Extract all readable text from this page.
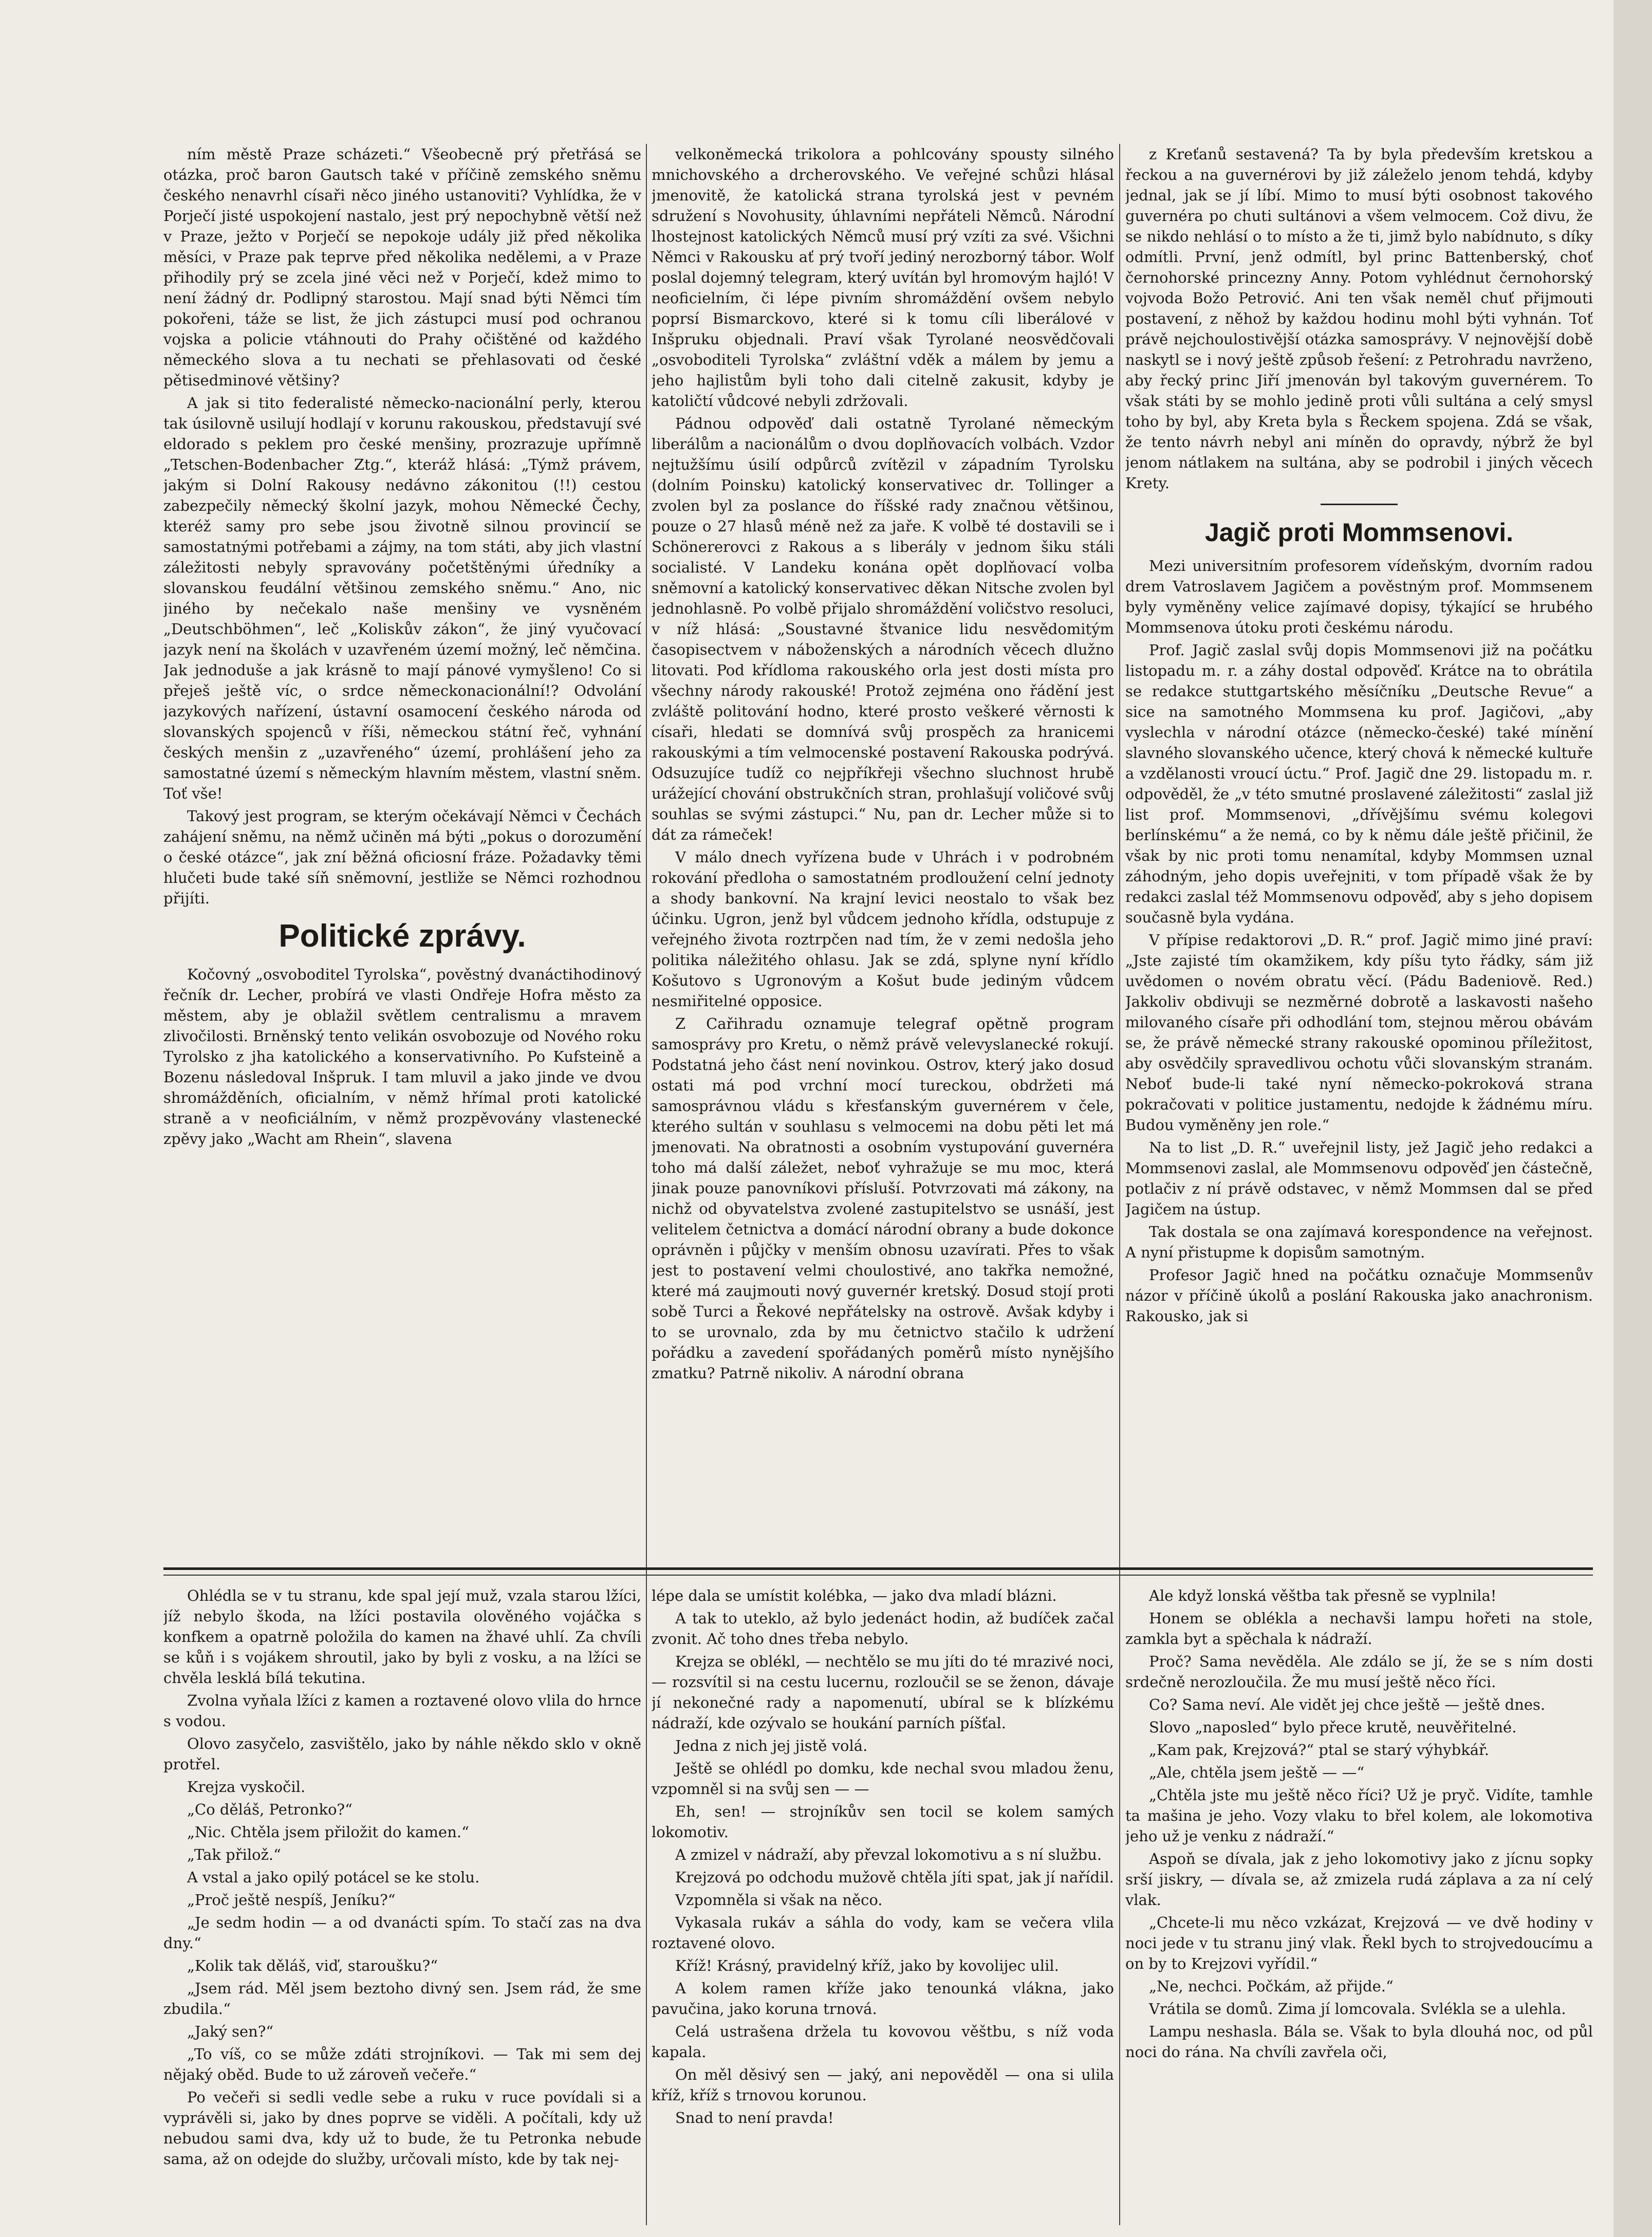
ním městě Praze scházeti.“ Všeobecně prý přetřásá se otázka, proč baron Gautsch také v příčině zemského sněmu českého nenavrhl císaři něco jiného ustanoviti? Vyhlídka, že v Porječí jisté uspokojení nastalo, jest prý nepochybně větší než v Praze, ježto v Porječí se nepokoje udály již před několika měsíci, v Praze pak teprve před několika nedělemi, a v Praze přihodily prý se zcela jiné věci než v Porječí, kdež mimo to není žádný dr. Podlipný starostou. Mají snad býti Němci tím pokořeni, táže se list, že jich zástupci musí pod ochranou vojska a policie vtáhnouti do Prahy očištěné od každého německého slova a tu nechati se přehlasovati od české pětisedminové většiny?

A jak si tito federalisté německo-nacionální perly, kterou tak úsilovně usilují hodlají v korunu rakouskou, představují své eldorado s peklem pro české menšiny, prozrazuje upřímně „Tetschen-Bodenbacher Ztg.“, kteráž hlásá: „Týmž právem, jakým si Dolní Rakousy nedávno zákonitou (!!) cestou zabezpečily německý školní jazyk, mohou Německé Čechy, kteréž samy pro sebe jsou životně silnou provincií se samostatnými potřebami a zájmy, na tom státi, aby jich vlastní záležitosti nebyly spravovány početštěnými úředníky a slovanskou feudální většinou zemského sněmu.“ Ano, nic jiného by nečekalo naše menšiny ve vysněném „Deutschböhmen“, leč „Koliskův zákon“, že jiný vyučovací jazyk není na školách v uzavřeném území možný, leč němčina. Jak jednoduše a jak krásně to mají pánové vymyšleno! Co si přeješ ještě víc, o srdce německonacionální!? Odvolání jazykových nařízení, ústavní osamocení českého národa od slovanských spojenců v říši, německou státní řeč, vyhnání českých menšin z „uzavřeného“ území, prohlášení jeho za samostatné území s německým hlavním městem, vlastní sněm. Toť vše!

Takový jest program, se kterým očekávají Němci v Čechách zahájení sněmu, na němž učiněn má býti „pokus o dorozumění o české otázce“, jak zní běžná oficiosní fráze. Požadavky těmi hlučeti bude také síň sněmovní, jestliže se Němci rozhodnou přijíti.

Politické zprávy.

Kočovný „osvoboditel Tyrolska“, pověstný dvanáctihodinový řečník dr. Lecher, probírá ve vlasti Ondřeje Hofra město za městem, aby je oblažil světlem centralismu a mravem zlivočilosti. Brněnský tento velikán osvobozuje od Nového roku Tyrolsko z jha katolického a konservativního. Po Kufsteině a Bozenu následoval Inšpruk. I tam mluvil a jako jinde ve dvou shromážděních, oficialním, v němž hřímal proti katolické straně a v neoficiálním, v němž prozpěvovány vlastenecké zpěvy jako „Wacht am Rhein“, slavena

velkoněmecká trikolora a pohlcovány spousty silného mnichovského a drcherovského. Ve veřejné schůzi hlásal jmenovitě, že katolická strana tyrolská jest v pevném sdružení s Novohusity, úhlavními nepřáteli Němců. Národní lhostejnost katolických Němců musí prý vzíti za své. Všichni Němci v Rakousku ať prý tvoří jediný nerozborný tábor. Wolf poslal dojemný telegram, který uvítán byl hromovým hajló! V neoficielním, či lépe pivním shromáždění ovšem nebylo poprsí Bismarckovo, které si k tomu cíli liberálové v Inšpruku objednali. Praví však Tyrolané neosvědčovali „osvoboditeli Tyrolska“ zvláštní vděk a málem by jemu a jeho hajlistům byli toho dali citelně zakusit, kdyby je katoličtí vůdcové nebyli zdržovali.

Pádnou odpověď dali ostatně Tyrolané německým liberálům a nacionálům o dvou doplňovacích volbách. Vzdor nejtužšímu úsilí odpůrců zvítězil v západním Tyrolsku (dolním Poinsku) katolický konservativec dr. Tollinger a zvolen byl za poslance do říšské rady značnou většinou, pouze o 27 hlasů méně než za jaře. K volbě té dostavili se i Schönererovci z Rakous a s liberály v jednom šiku stáli socialisté. V Landeku konána opět doplňovací volba sněmovní a katolický konservativec děkan Nitsche zvolen byl jednohlasně. Po volbě přijalo shromáždění voličstvo resoluci, v níž hlásá: „Soustavné štvanice lidu nesvědomitým časopisectvem v náboženských a národních věcech dlužno litovati. Pod křídloma rakouského orla jest dosti místa pro všechny národy rakouské! Protož zejména ono řádění jest zvláště politování hodno, které prosto veškeré věrnosti k císaři, hledati se domnívá svůj prospěch za hranicemi rakouskými a tím velmocenské postavení Rakouska podrývá. Odsuzujíce tudíž co nejpříkřeji všechno sluchnost hrubě urážející chování obstrukčních stran, prohlašují voličové svůj souhlas se svými zástupci.“ Nu, pan dr. Lecher může si to dát za rámeček!

V málo dnech vyřízena bude v Uhrách i v podrobném rokování předloha o samostatném prodloužení celní jednoty a shody bankovní. Na krajní levici neostalo to však bez účinku. Ugron, jenž byl vůdcem jednoho křídla, odstupuje z veřejného života roztrpčen nad tím, že v zemi nedošla jeho politika náležitého ohlasu. Jak se zdá, splyne nyní křídlo Košutovo s Ugronovým a Košut bude jediným vůdcem nesmiřitelné opposice.

Z Cařihradu oznamuje telegraf opětně program samosprávy pro Kretu, o němž právě velevyslanecké rokují. Podstatná jeho část není novinkou. Ostrov, který jako dosud ostati má pod vrchní mocí tureckou, obdržeti má samosprávnou vládu s křesťanským guvernérem v čele, kterého sultán v souhlasu s velmocemi na dobu pěti let má jmenovati. Na obratnosti a osobním vystupování guvernéra toho má další záležet, neboť vyhražuje se mu moc, která jinak pouze panovníkovi přísluší. Potvrzovati má zákony, na nichž od obyvatelstva zvolené zastupitelstvo se usnáší, jest velitelem četnictva a domácí národní obrany a bude dokonce oprávněn i půjčky v menším obnosu uzavírati. Přes to však jest to postavení velmi choulostivé, ano takřka nemožné, které má zaujmouti nový guvernér kretský. Dosud stojí proti sobě Turci a Řekové nepřátelsky na ostrově. Avšak kdyby i to se urovnalo, zda by mu četnictvo stačilo k udržení pořádku a zavedení spořádaných poměrů místo nynějšího zmatku? Patrně nikoliv. A národní obrana

z Kreťanů sestavená? Ta by byla především kretskou a řeckou a na guvernérovi by již záleželo jenom tehdá, kdyby jednal, jak se jí líbí. Mimo to musí býti osobnost takového guvernéra po chuti sultánovi a všem velmocem. Což divu, že se nikdo nehlásí o to místo a že ti, jimž bylo nabídnuto, s díky odmítli. První, jenž odmítl, byl princ Battenberský, choť černohorské princezny Anny. Potom vyhlédnut černohorský vojvoda Božo Petrović. Ani ten však neměl chuť přijmouti postavení, z něhož by každou hodinu mohl býti vyhnán. Toť právě nejchoulostivější otázka samosprávy. V nejnovější době naskytl se i nový ještě způsob řešení: z Petrohradu navrženo, aby řecký princ Jiří jmenován byl takovým guvernérem. To však státi by se mohlo jedině proti vůli sultána a celý smysl toho by byl, aby Kreta byla s Řeckem spojena. Zdá se však, že tento návrh nebyl ani míněn do opravdy, nýbrž že byl jenom nátlakem na sultána, aby se podrobil i jiných věcech Krety.

Jagič proti Mommsenovi.

Mezi universitním profesorem vídeňským, dvorním radou drem Vatroslavem Jagičem a pověstným prof. Mommsenem byly vyměněny velice zajímavé dopisy, týkající se hrubého Mommsenova útoku proti českému národu.

Prof. Jagič zaslal svůj dopis Mommsenovi již na počátku listopadu m. r. a záhy dostal odpověď. Krátce na to obrátila se redakce stuttgartského měsíčníku „Deutsche Revue“ a sice na samotného Mommsena ku prof. Jagičovi, „aby vyslechla v národní otázce (německo-české) také mínění slavného slovanského učence, který chová k německé kultuře a vzdělanosti vroucí úctu.“ Prof. Jagič dne 29. listopadu m. r. odpověděl, že „v této smutné proslavené záležitosti“ zaslal již list prof. Mommsenovi, „dřívějšímu svému kolegovi berlínskému“ a že nemá, co by k němu dále ještě přičinil, že však by nic proti tomu nenamítal, kdyby Mommsen uznal záhodným, jeho dopis uveřejniti, v tom případě však že by redakci zaslal též Mommsenovu odpověď, aby s jeho dopisem současně byla vydána.

V přípise redaktorovi „D. R.“ prof. Jagič mimo jiné praví: „Jste zajisté tím okamžikem, kdy píšu tyto řádky, sám již uvědomen o novém obratu věcí. (Pádu Badeniově. Red.) Jakkoliv obdivuji se nezměrné dobrotě a laskavosti našeho milovaného císaře při odhodlání tom, stejnou měrou obávám se, že právě německé strany rakouské opominou příležitost, aby osvědčily spravedlivou ochotu vůči slovanským stranám. Neboť bude-li také nyní německo-pokroková strana pokračovati v politice justamentu, nedojde k žádnému míru. Budou vyměněny jen role.“

Na to list „D. R.“ uveřejnil listy, jež Jagič jeho redakci a Mommsenovi zaslal, ale Mommsenovu odpověď jen částečně, potlačiv z ní právě odstavec, v němž Mommsen dal se před Jagičem na ústup.

Tak dostala se ona zajímavá korespondence na veřejnost. A nyní přistupme k dopisům samotným.

Profesor Jagič hned na počátku označuje Mommsenův názor v příčině úkolů a poslání Rakouska jako anachronism. Rakousko, jak si

Ohlédla se v tu stranu, kde spal její muž, vzala starou lžíci, jíž nebylo škoda, na lžíci postavila olověného vojáčka s konfkem a opatrně položila do kamen na žhavé uhlí. Za chvíli se kůň i s vojákem shroutil, jako by byli z vosku, a na lžíci se chvěla lesklá bílá tekutina.

Zvolna vyňala lžíci z kamen a roztavené olovo vlila do hrnce s vodou.

Olovo zasyčelo, zasvištělo, jako by náhle někdo sklo v okně protřel.

Krejza vyskočil.

„Co děláš, Petronko?“

„Nic. Chtěla jsem přiložit do kamen.“

„Tak přilož.“

A vstal a jako opilý potácel se ke stolu.

„Proč ještě nespíš, Jeníku?“

„Je sedm hodin — a od dvanácti spím. To stačí zas na dva dny.“

„Kolik tak děláš, viď, staroušku?“

„Jsem rád. Měl jsem beztoho divný sen. Jsem rád, že sme zbudila.“

„Jaký sen?“

„To víš, co se může zdáti strojníkovi. — Tak mi sem dej nějaký oběd. Bude to už zároveň večeře.“

Po večeři si sedli vedle sebe a ruku v ruce povídali si a vyprávěli si, jako by dnes poprve se viděli. A počítali, kdy už nebudou sami dva, kdy už to bude, že tu Petronka nebude sama, až on odejde do služby, určovali místo, kde by tak nej-

lépe dala se umístit kolébka, — jako dva mladí blázni.

A tak to uteklo, až bylo jedenáct hodin, až budíček začal zvonit. Ač toho dnes třeba nebylo.

Krejza se oblékl, — nechtělo se mu jíti do té mrazivé noci, — rozsvítil si na cestu lucernu, rozloučil se se ženon, dávaje jí nekonečné rady a napomenutí, ubíral se k blízkému nádraží, kde ozývalo se houkání parních píšťal.

Jedna z nich jej jistě volá.

Ještě se ohlédl po domku, kde nechal svou mladou ženu, vzpomněl si na svůj sen — —

Eh, sen! — strojníkův sen tocil se kolem samých lokomotiv.

A zmizel v nádraží, aby převzal lokomotivu a s ní službu.

Krejzová po odchodu mužově chtěla jíti spat, jak jí nařídil.

Vzpomněla si však na něco.

Vykasala rukáv a sáhla do vody, kam se večera vlila roztavené olovo.

Kříž! Krásný, pravidelný kříž, jako by kovolijec ulil.

A kolem ramen kříže jako tenounká vlákna, jako pavučina, jako koruna trnová.

Celá ustrašena držela tu kovovou věštbu, s níž voda kapala.

On měl děsivý sen — jaký, ani nepověděl — ona si ulila kříž, kříž s trnovou korunou.

Snad to není pravda!

Ale když lonská věštba tak přesně se vyplnila!

Honem se oblékla a nechavši lampu hořeti na stole, zamkla byt a spěchala k nádraží.

Proč? Sama nevěděla. Ale zdálo se jí, že se s ním dosti srdečně nerozloučila. Že mu musí ještě něco říci.

Co? Sama neví. Ale vidět jej chce ještě — ještě dnes.

Slovo „naposled“ bylo přece krutě, neuvěřitelné.

„Kam pak, Krejzová?“ ptal se starý výhybkář.

„Ale, chtěla jsem ještě — —“

„Chtěla jste mu ještě něco říci? Už je pryč. Vidíte, tamhle ta mašina je jeho. Vozy vlaku to břel kolem, ale lokomotiva jeho už je venku z nádraží.“

Aspoň se dívala, jak z jeho lokomotivy jako z jícnu sopky srší jiskry, — dívala se, až zmizela rudá záplava a za ní celý vlak.

„Chcete-li mu něco vzkázat, Krejzová — ve dvě hodiny v noci jede v tu stranu jiný vlak. Řekl bych to strojvedoucímu a on by to Krejzovi vyřídil.“

„Ne, nechci. Počkám, až přijde.“

Vrátila se domů. Zima jí lomcovala. Svlékla se a ulehla.

Lampu neshasla. Bála se. Však to byla dlouhá noc, od půl noci do rána. Na chvíli zavřela oči,
